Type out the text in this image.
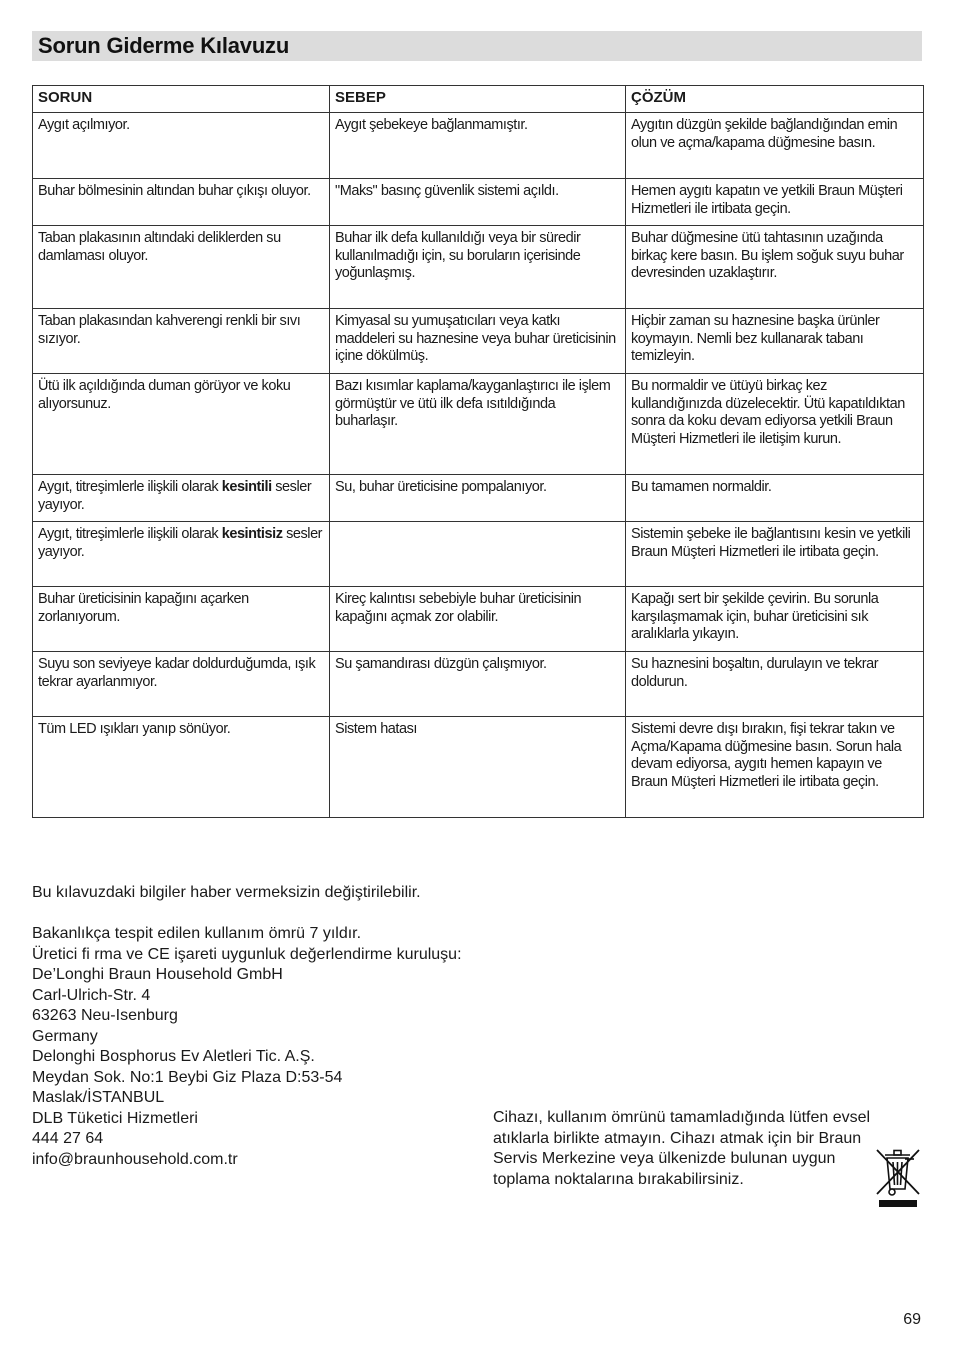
Sorun Giderme Kılavuzu
SORUN	SEBEP	ÇÖZÜM
Aygıt açılmıyor.	Aygıt şebekeye bağlanmamıştır.	Aygıtın düzgün şekilde bağlandığından emin olun ve açma/kapama düğmesine basın.
Buhar bölmesinin altından buhar çıkışı oluyor.	"Maks" basınç güvenlik sistemi açıldı.	Hemen aygıtı kapatın ve yetkili Braun Müşteri Hizmetleri ile irtibata geçin.
Taban plakasının altındaki deliklerden su damlaması oluyor.	Buhar ilk defa kullanıldığı veya bir süredir kullanılmadığı için, su boruların içerisinde yoğunlaşmış.	Buhar düğmesine ütü tahtasının uzağında birkaç kere basın. Bu işlem soğuk suyu buhar devresinden uzaklaştırır.
Taban plakasından kahverengi renkli bir sıvı sızıyor.	Kimyasal su yumuşatıcıları veya katkı maddeleri su haznesine veya buhar üreticisinin içine dökülmüş.	Hiçbir zaman su haznesine başka ürünler koymayın. Nemli bez kullanarak tabanı temizleyin.
Ütü ilk açıldığında duman görüyor ve koku alıyorsunuz.	Bazı kısımlar kaplama/kayganlaştırıcı ile işlem görmüştür ve ütü ilk defa ısıtıldığında buharlaşır.	Bu normaldir ve ütüyü birkaç kez kullandığınızda düzelecektir. Ütü kapatıldıktan sonra da koku devam ediyorsa yetkili Braun Müşteri Hizmetleri ile iletişim kurun.
Aygıt, titreşimlerle ilişkili olarak kesintili sesler yayıyor.	Su, buhar üreticisine pompalanıyor.	Bu tamamen normaldir.
Aygıt, titreşimlerle ilişkili olarak kesintisiz sesler yayıyor.		Sistemin şebeke ile bağlantısını kesin ve yetkili Braun Müşteri Hizmetleri ile irtibata geçin.
Buhar üreticisinin kapağını açarken zorlanıyorum.	Kireç kalıntısı sebebiyle buhar üreticisinin kapağını açmak zor olabilir.	Kapağı sert bir şekilde çevirin. Bu sorunla karşılaşmamak için, buhar üreticisini sık aralıklarla yıkayın.
Suyu son seviyeye kadar doldurduğumda, ışık tekrar ayarlanmıyor.	Su şamandırası düzgün çalışmıyor.	Su haznesini boşaltın, durulayın ve tekrar doldurun.
Tüm LED ışıkları yanıp sönüyor.	Sistem hatası	Sistemi devre dışı bırakın, fişi tekrar takın ve Açma/Kapama düğmesine basın. Sorun hala devam ediyorsa, aygıtı hemen kapayın ve Braun Müşteri Hizmetleri ile irtibata geçin.

Bu kılavuzdaki bilgiler haber vermeksizin değiştirilebilir.

Bakanlıkça tespit edilen kullanım ömrü 7 yıldır.

Üretici fi rma ve CE işareti uygunluk değerlendirme kuruluşu:

De’Longhi Braun Household GmbH

Carl-Ulrich-Str. 4

63263 Neu-Isenburg

Germany

Delonghi Bosphorus Ev Aletleri Tic. A.Ş.

Meydan Sok. No:1 Beybi Giz Plaza D:53-54

Maslak/İSTANBUL

DLB Tüketici Hizmetleri

444 27 64

info@braunhousehold.com.tr

Cihazı, kullanım ömrünü tamamladığında lütfen evsel atıklarla birlikte atmayın. Cihazı atmak için bir Braun Servis Merkezine veya ülkenizde bulunan uygun toplama noktalarına bırakabilirsiniz.
69
